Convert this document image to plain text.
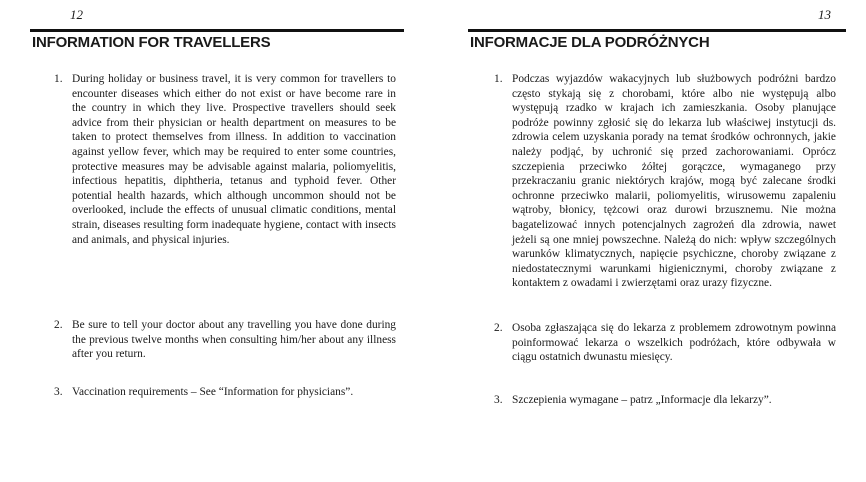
12
INFORMATION FOR TRAVELLERS
1. During holiday or business travel, it is very common for travellers to encounter diseases which either do not exist or have become rare in the country in which they live. Prospective travellers should seek advice from their physician or health department on measures to be taken to protect themselves from illness. In addition to vaccination against yellow fever, which may be required to enter some countries, protective measures may be advisable against malaria, poliomyelitis, infectious hepatitis, diphtheria, tetanus and typhoid fever. Other potential health hazards, which although uncommon should not be overlooked, include the effects of unusual climatic conditions, mental strain, diseases resulting form inadequate hygiene, contact with insects and animals, and physical injuries.
2. Be sure to tell your doctor about any travelling you have done during the previous twelve months when consulting him/her about any illness after you return.
3. Vaccination requirements – See “Information for physicians”.
13
INFORMACJE DLA PODRÓŻNYCH
1. Podczas wyjazdów wakacyjnych lub służbowych podróżni bardzo często stykają się z chorobami, które albo nie występują albo występują rzadko w krajach ich zamieszkania. Osoby planujące podróże powinny zgłosić się do lekarza lub właściwej instytucji ds. zdrowia celem uzyskania porady na temat środków ochronnych, jakie należy podjąć, by uchronić się przed zachorowaniami. Oprócz szczepienia przeciwko żółtej gorączce, wymaganego przy przekraczaniu granic niektórych krajów, mogą być zalecane środki ochronne przeciwko malarii, poliomyelitis, wirusowemu zapaleniu wątroby, błonicy, tężcowi oraz durowi brzusznemu. Nie można bagatelizować innych potencjalnych zagrożeń dla zdrowia, nawet jeżeli są one mniej powszechne. Należą do nich: wpływ szczególnych warunków klimatycznych, napięcie psychiczne, choroby związane z niedostatecznymi warunkami higienicznymi, choroby związane z kontaktem z owadami i zwierzętami oraz urazy fizyczne.
2. Osoba zgłaszająca się do lekarza z problemem zdrowotnym powinna poinformować lekarza o wszelkich podróżach, które odbywała w ciągu ostatnich dwunastu miesięcy.
3. Szczepienia wymagane – patrz „Informacje dla lekarzy”.
